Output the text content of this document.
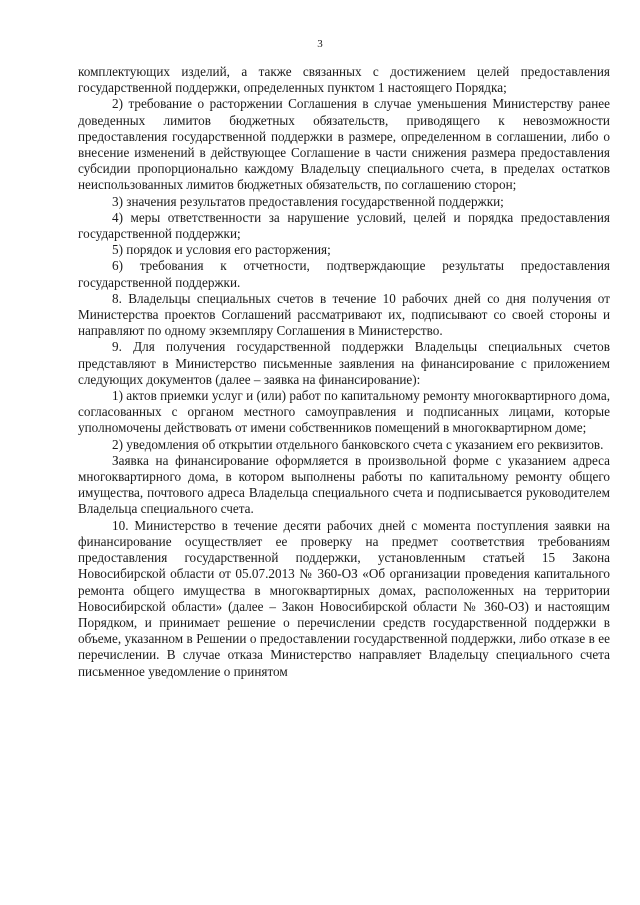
3

комплектующих изделий, а также связанных с достижением целей предоставления государственной поддержки, определенных пунктом 1 настоящего Порядка;

2) требование о расторжении Соглашения в случае уменьшения Министерству ранее доведенных лимитов бюджетных обязательств, приводящего к невозможности предоставления государственной поддержки в размере, определенном в соглашении, либо о внесение изменений в действующее Соглашение в части снижения размера предоставления субсидии пропорционально каждому Владельцу специального счета, в пределах остатков неиспользованных лимитов бюджетных обязательств, по соглашению сторон;

3) значения результатов предоставления государственной поддержки;

4) меры ответственности за нарушение условий, целей и порядка предоставления государственной поддержки;

5) порядок и условия его расторжения;

6) требования к отчетности, подтверждающие результаты предоставления государственной поддержки.

8. Владельцы специальных счетов в течение 10 рабочих дней со дня получения от Министерства проектов Соглашений рассматривают их, подписывают со своей стороны и направляют по одному экземпляру Соглашения в Министерство.

9. Для получения государственной поддержки Владельцы специальных счетов представляют в Министерство письменные заявления на финансирование с приложением следующих документов (далее – заявка на финансирование):

1) актов приемки услуг и (или) работ по капитальному ремонту многоквартирного дома, согласованных с органом местного самоуправления и подписанных лицами, которые уполномочены действовать от имени собственников помещений в многоквартирном доме;

2) уведомления об открытии отдельного банковского счета с указанием его реквизитов.

Заявка на финансирование оформляется в произвольной форме с указанием адреса многоквартирного дома, в котором выполнены работы по капитальному ремонту общего имущества, почтового адреса Владельца специального счета и подписывается руководителем Владельца специального счета.

10. Министерство в течение десяти рабочих дней с момента поступления заявки на финансирование осуществляет ее проверку на предмет соответствия требованиям предоставления государственной поддержки, установленным статьей 15 Закона Новосибирской области от 05.07.2013 № 360-ОЗ «Об организации проведения капитального ремонта общего имущества в многоквартирных домах, расположенных на территории Новосибирской области» (далее – Закон Новосибирской области № 360-ОЗ) и настоящим Порядком, и принимает решение о перечислении средств государственной поддержки в объеме, указанном в Решении о предоставлении государственной поддержки, либо отказе в ее перечислении. В случае отказа Министерство направляет Владельцу специального счета письменное уведомление о принятом
